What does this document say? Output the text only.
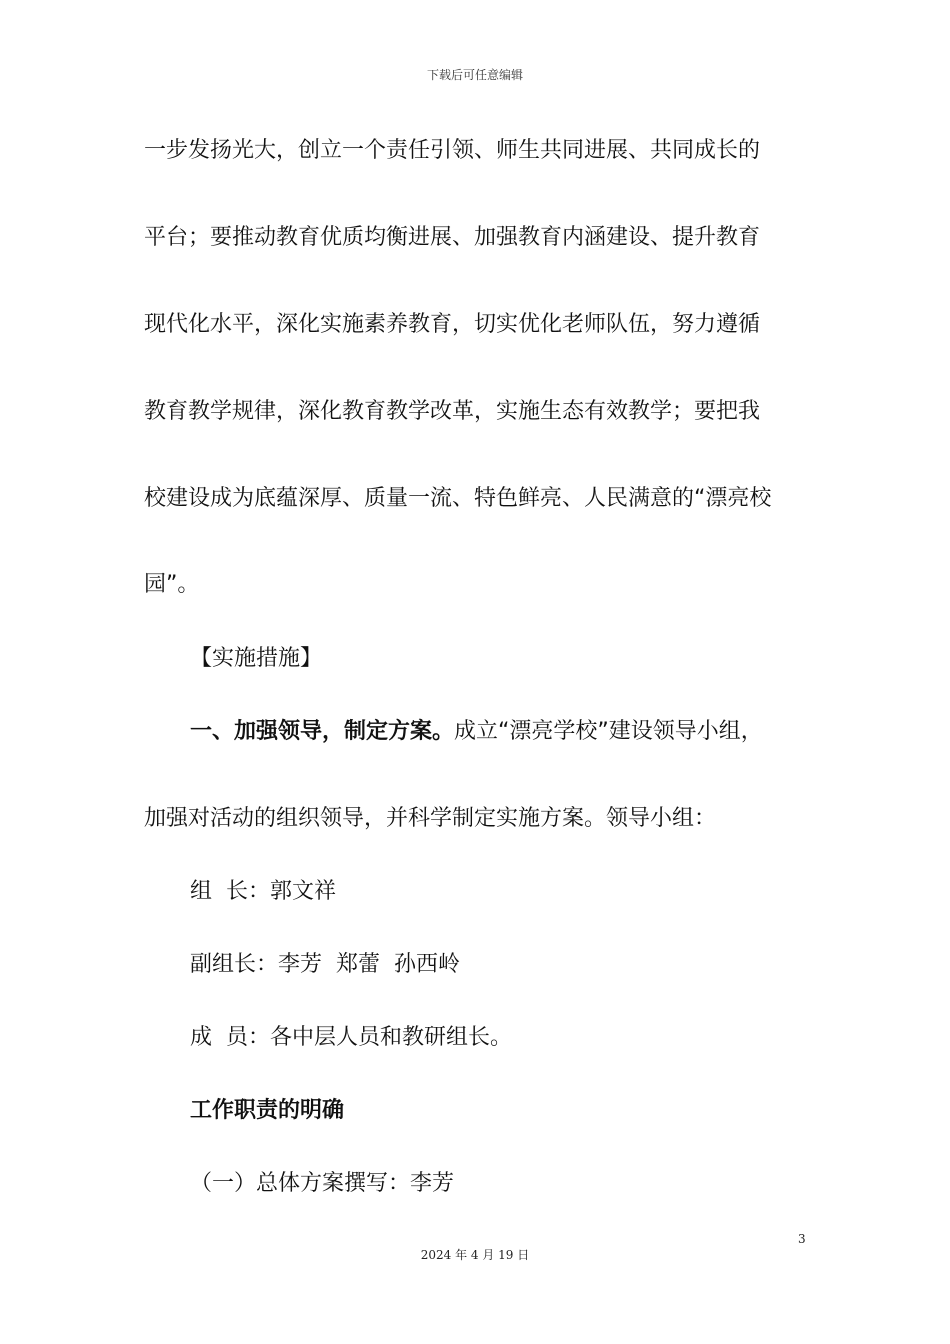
下载后可任意编辑
一步发扬光大，创立一个责任引领、师生共同进展、共同成长的
平台；要推动教育优质均衡进展、加强教育内涵建设、提升教育
现代化水平，深化实施素养教育，切实优化老师队伍，努力遵循
教育教学规律，深化教育教学改革，实施生态有效教学；要把我
校建设成为底蕴深厚、质量一流、特色鲜亮、人民满意的“漂亮校
园”。
【实施措施】
一、加强领导，制定方案。成立“漂亮学校”建设领导小组，
加强对活动的组织领导，并科学制定实施方案。领导小组：
组  长：郭文祥
副组长：李芳  郑蕾  孙西岭
成  员：各中层人员和教研组长。
工作职责的明确
（一）总体方案撰写：李芳
3
2024 年 4 月 19 日
